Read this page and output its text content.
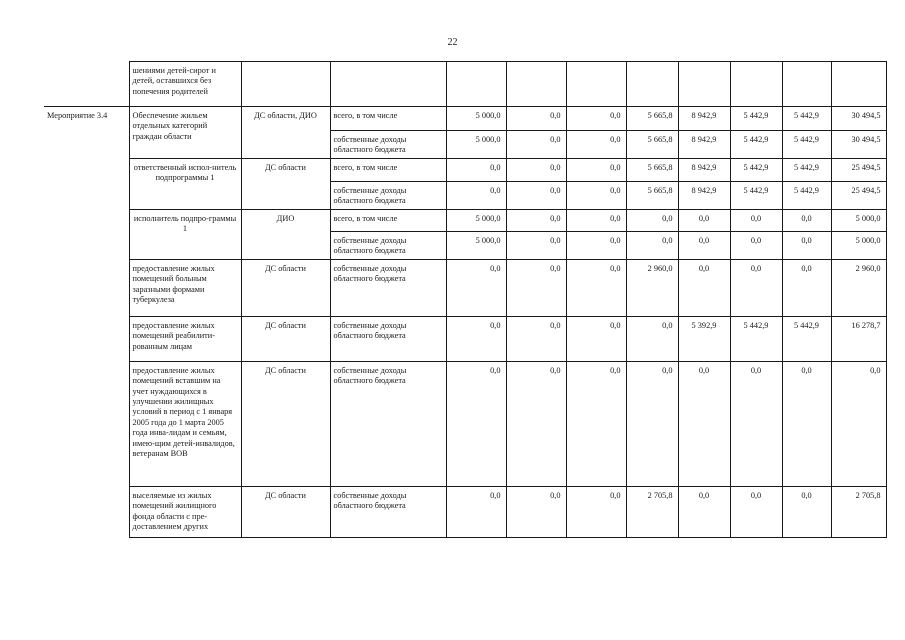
22
	шениями детей-сирот и детей, оставшихся без попечения родителей										
Мероприятие 3.4	Обеспечение жильем отдельных категорий граждан области	ДС области, ДИО	всего, в том числе	5 000,0	0,0	0,0	5 665,8	8 942,9	5 442,9	5 442,9	30 494,5
			собственные доходы областного бюджета	5 000,0	0,0	0,0	5 665,8	8 942,9	5 442,9	5 442,9	30 494,5
	ответственный испол-нитель подпрограммы 1	ДС области	всего, в том числе	0,0	0,0	0,0	5 665,8	8 942,9	5 442,9	5 442,9	25 494,5
			собственные доходы областного бюджета	0,0	0,0	0,0	5 665,8	8 942,9	5 442,9	5 442,9	25 494,5
	исполнитель подпро-граммы 1	ДИО	всего, в том числе	5 000,0	0,0	0,0	0,0	0,0	0,0	0,0	5 000,0
			собственные доходы областного бюджета	5 000,0	0,0	0,0	0,0	0,0	0,0	0,0	5 000,0
	предоставление жилых помещений больным заразными формами туберкулеза	ДС области	собственные доходы областного бюджета	0,0	0,0	0,0	2 960,0	0,0	0,0	0,0	2 960,0
	предоставление жилых помещений реабилити-рованным лицам	ДС области	собственные доходы областного бюджета	0,0	0,0	0,0	0,0	5 392,9	5 442,9	5 442,9	16 278,7
	предоставление жилых помещений вставшим на учет нуждающихся в улучшении жилищных условий в период с 1 января 2005 года до 1 марта 2005 года инва-лидам и семьям, имею-щим детей-инвалидов, ветеранам ВОВ	ДС области	собственные доходы областного бюджета	0,0	0,0	0,0	0,0	0,0	0,0	0,0	0,0
	выселяемые из жилых помещений жилищного фонда области с пре-доставлением других	ДС области	собственные доходы областного бюджета	0,0	0,0	0,0	2 705,8	0,0	0,0	0,0	2 705,8
